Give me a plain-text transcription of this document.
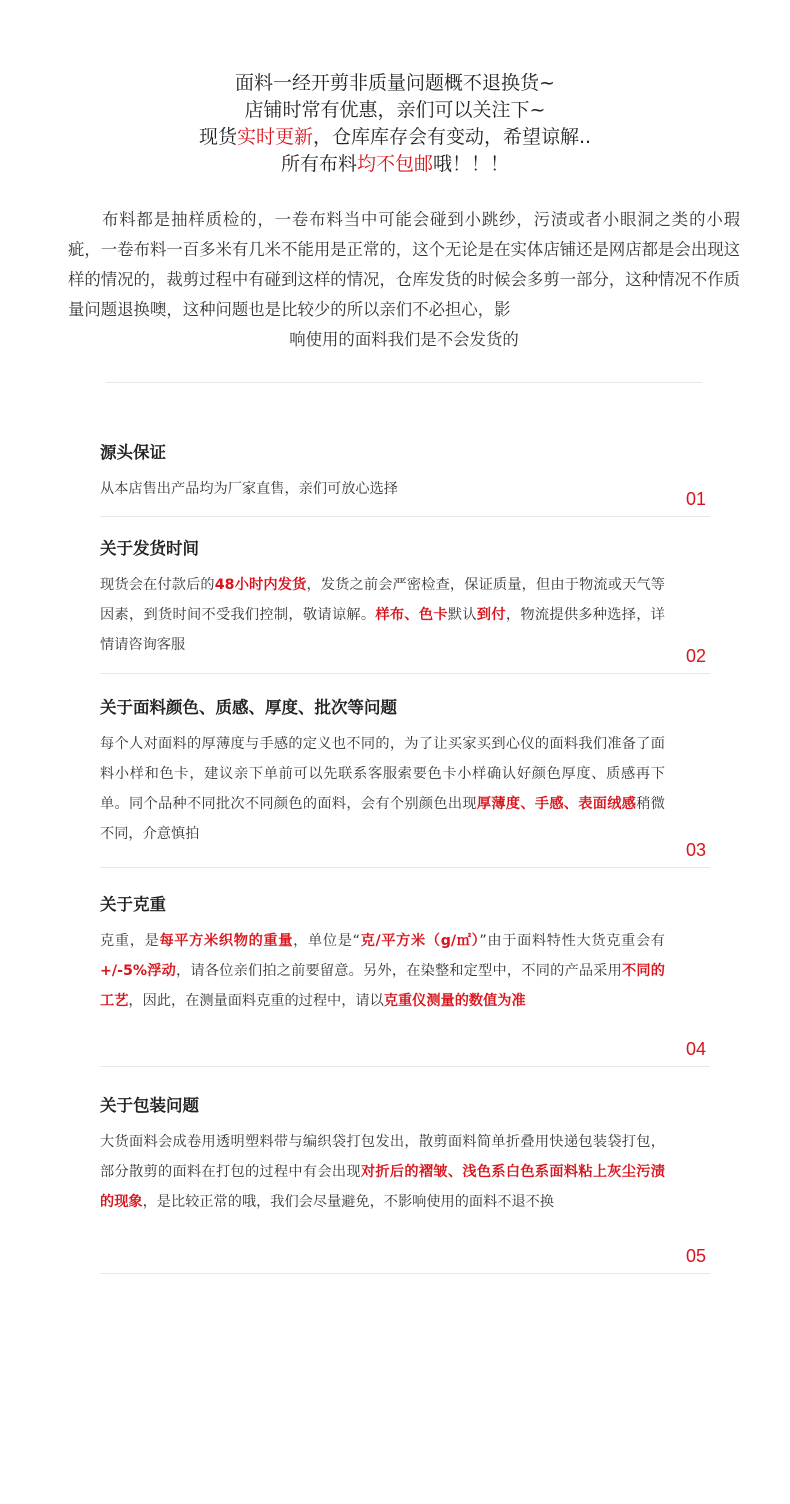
面料一经开剪非质量问题概不退换货~
店铺时常有优惠，亲们可以关注下~
现货实时更新，仓库库存会有变动，希望谅解..
所有布料均不包邮哦！！！
布料都是抽样质检的，一卷布料当中可能会碰到小跳纱，污渍或者小眼洞之类的小瑕疵，一卷布料一百多米有几米不能用是正常的，这个无论是在实体店铺还是网店都是会出现这样的情况的，裁剪过程中有碰到这样的情况，仓库发货的时候会多剪一部分，这种情况不作质量问题退换噢，这种问题也是比较少的所以亲们不必担心，影
响使用的面料我们是不会发货的
源头保证
从本店售出产品均为厂家直售，亲们可放心选择	01
关于发货时间
现货会在付款后的48小时内发货，发货之前会严密检查，保证质量，但由于物流或天气等因素，到货时间不受我们控制，敬请谅解。样布、色卡默认到付，物流提供多种选择，详情请咨询客服
02
关于面料颜色、质感、厚度、批次等问题
每个人对面料的厚薄度与手感的定义也不同的，为了让买家买到心仪的面料我们准备了面料小样和色卡，建议亲下单前可以先联系客服索要色卡小样确认好颜色厚度、质感再下单。同个品种不同批次不同颜色的面料，会有个别颜色出现厚薄度、手感、表面绒感稍微不同，介意慎拍
03
关于克重
克重，是每平方米织物的重量，单位是“克/平方米（g/㎡）”由于面料特性大货克重会有+/-5%浮动，请各位亲们拍之前要留意。另外，在染整和定型中，不同的产品采用不同的工艺，因此，在测量面料克重的过程中，请以克重仪测量的数值为准
04
关于包装问题
大货面料会成卷用透明塑料带与编织袋打包发出，散剪面料简单折叠用快递包装袋打包，部分散剪的面料在打包的过程中有会出现对折后的褶皱、浅色系白色系面料粘上灰尘污渍的现象，是比较正常的哦，我们会尽量避免，不影响使用的面料不退不换
05
